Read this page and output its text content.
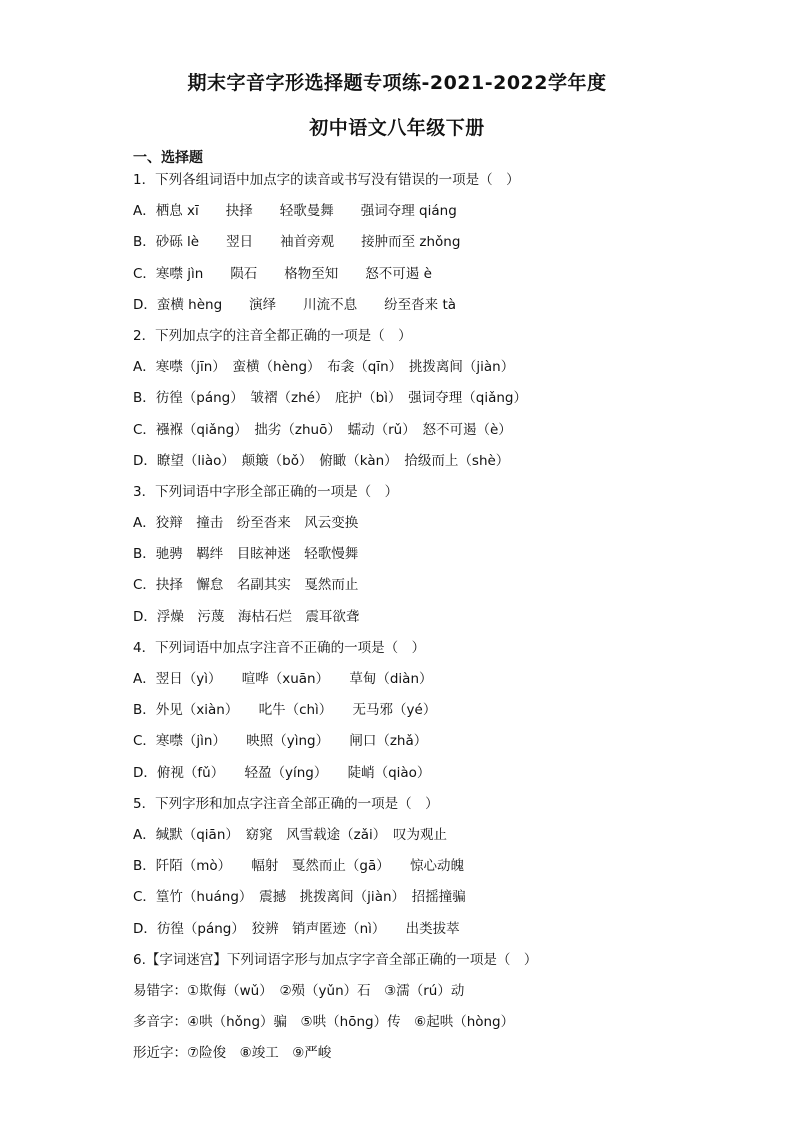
期末字音字形选择题专项练-2021-2022学年度
初中语文八年级下册
一、选择题
1．下列各组词语中加点字的读音或书写没有错误的一项是（　）
A．栖息 xī　　抉择　　轻歌曼舞　　强词夺理 qiáng
B．砂砾 lè　　翌日　　袖首旁观　　接肿而至 zhǒng
C．寒噤 jìn　　陨石　　格物至知　　怒不可遏 è
D．蛮横 hèng　　演绎　　川流不息　　纷至沓来 tà
2．下列加点字的注音全都正确的一项是（　）
A．寒噤（jīn）　蛮横（hèng）　布衾（qīn）　挑拨离间（jiàn）
B．彷徨（páng）　皱褶（zhé）　庇护（bì）　强词夺理（qiǎng）
C．襁褓（qiǎng）　拙劣（zhuō）　蠕动（rǔ）　怒不可遏（è）
D．瞭望（liào）　颠簸（bǒ）　俯瞰（kàn）　拾级而上（shè）
3．下列词语中字形全部正确的一项是（　）
A．狡辩　撞击　纷至沓来　风云变换
B．驰骋　羁绊　目眩神迷　轻歌慢舞
C．抉择　懈怠　名副其实　戛然而止
D．浮燥　污蔑　海枯石烂　震耳欲聋
4．下列词语中加点字注音不正确的一项是（　）
A．翌日（yì）　　喧哗（xuān）　　草甸（diàn）
B．外见（xiàn）　　叱牛（chì）　　无马邪（yé）
C．寒噤（jìn）　　映照（yìng）　　闸口（zhǎ）
D．俯视（fǔ）　　轻盈（yíng）　　陡峭（qiào）
5．下列字形和加点字注音全部正确的一项是（　）
A．缄默（qiān）　窈窕　风雪载途（zǎi）　叹为观止
B．阡陌（mò）　　幅射　戛然而止（gā）　　惊心动魄
C．篁竹（huáng）　震撼　挑拨离间（jiàn）　招摇撞骗
D．彷徨（páng）　狡辨　销声匿迹（nì）　　出类拔萃
6.【字词迷宫】下列词语字形与加点字字音全部正确的一项是（　）
易错字：①欺侮（wǔ）　②殒（yǔn）石　③濡（rú）动
多音字：④哄（hǒng）骗　⑤哄（hōng）传　⑥起哄（hòng）
形近字：⑦险俊　⑧竣工　⑨严峻
